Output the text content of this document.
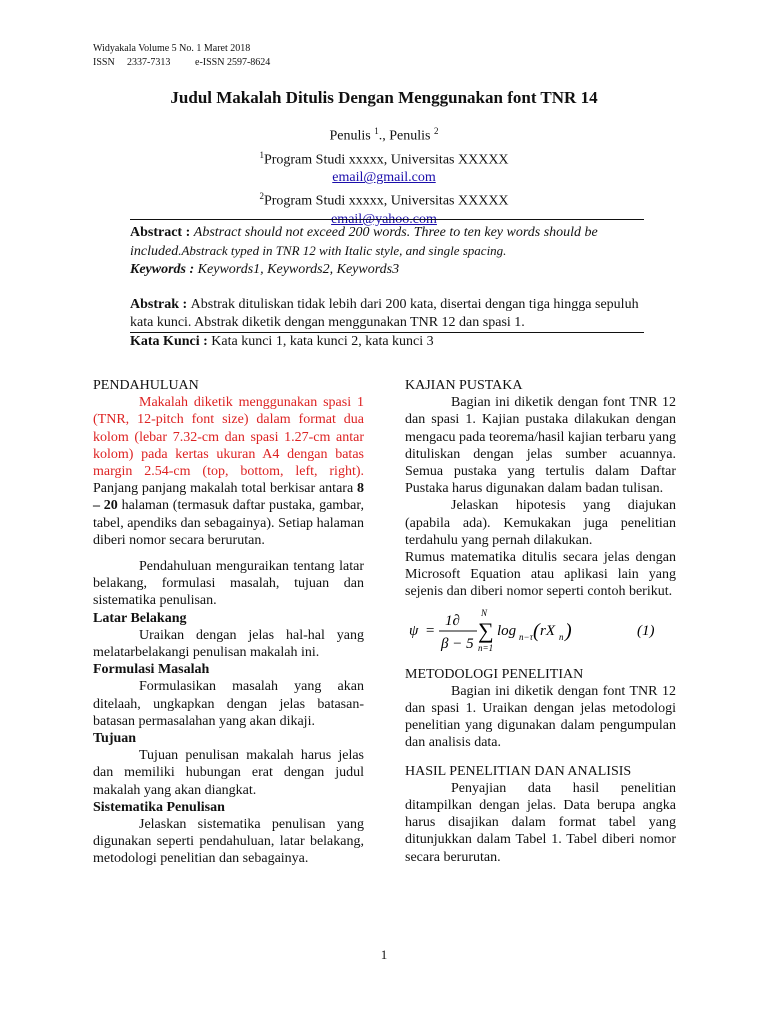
Widyakala Volume 5 No. 1 Maret 2018
ISSN 2337-7313 e-ISSN 2597-8624
Judul Makalah Ditulis Dengan Menggunakan font TNR 14
Penulis $^1$., Penulis $^2$
$^1$Program Studi xxxxx, Universitas XXXXX
email@gmail.com
$^2$Program Studi xxxxx, Universitas XXXXX
email@yahoo.com
Abstract : Abstract should not exceed 200 words. Three to ten key words should be included.Abstrack typed in TNR 12 with Italic style, and single spacing.
Keywords : Keywords1, Keywords2, Keywords3
Abstrak : Abstrak dituliskan tidak lebih dari 200 kata, disertai dengan tiga hingga sepuluh kata kunci. Abstrak diketik dengan menggunakan TNR 12 dan spasi 1.
Kata Kunci : Kata kunci 1, kata kunci 2, kata kunci 3

PENDAHULUAN

Makalah diketik menggunakan spasi 1 (TNR, 12-pitch font size) dalam format dua kolom (lebar 7.32-cm dan spasi 1.27-cm antar kolom) pada kertas ukuran A4 dengan batas margin 2.54-cm (top, bottom, left, right). Panjang panjang makalah total berkisar antara 8 – 20 halaman (termasuk daftar pustaka, gambar, tabel, apendiks dan sebagainya). Setiap halaman diberi nomor secara berurutan.

Pendahuluan menguraikan tentang latar belakang, formulasi masalah, tujuan dan sistematika penulisan.

Latar Belakang

Uraikan dengan jelas hal-hal yang melatarbelakangi penulisan makalah ini.

Formulasi Masalah

Formulasikan masalah yang akan ditelaah, ungkapkan dengan jelas batasan-batasan permasalahan yang akan dikaji.

Tujuan

Tujuan penulisan makalah harus jelas dan memiliki hubungan erat dengan judul makalah yang akan diangkat.

Sistematika Penulisan

Jelaskan sistematika penulisan yang digunakan seperti pendahuluan, latar belakang, metodologi penelitian dan sebagainya.

KAJIAN PUSTAKA

Bagian ini diketik dengan font TNR 12 dan spasi 1. Kajian pustaka dilakukan dengan mengacu pada teorema/hasil kajian terbaru yang dituliskan dengan jelas sumber acuannya. Semua pustaka yang tertulis dalam Daftar Pustaka harus digunakan dalam badan tulisan.

Jelaskan hipotesis yang diajukan (apabila ada). Kemukakan juga penelitian terdahulu yang pernah dilakukan.

Rumus matematika ditulis secara jelas dengan Microsoft Equation atau aplikasi lain yang sejenis dan diberi nomor seperti contoh berikut.

ψ =
1∂
β − 5
N
∑
n=1
log n−τ ( rX n )	(1)

METODOLOGI PENELITIAN

Bagian ini diketik dengan font TNR 12 dan spasi 1. Uraikan dengan jelas metodologi penelitian yang digunakan dalam pengumpulan dan analisis data.

HASIL PENELITIAN DAN ANALISIS

Penyajian data hasil penelitian ditampilkan dengan jelas. Data berupa angka harus disajikan dalam format tabel yang ditunjukkan dalam Tabel 1. Tabel diberi nomor secara berurutan.

1
